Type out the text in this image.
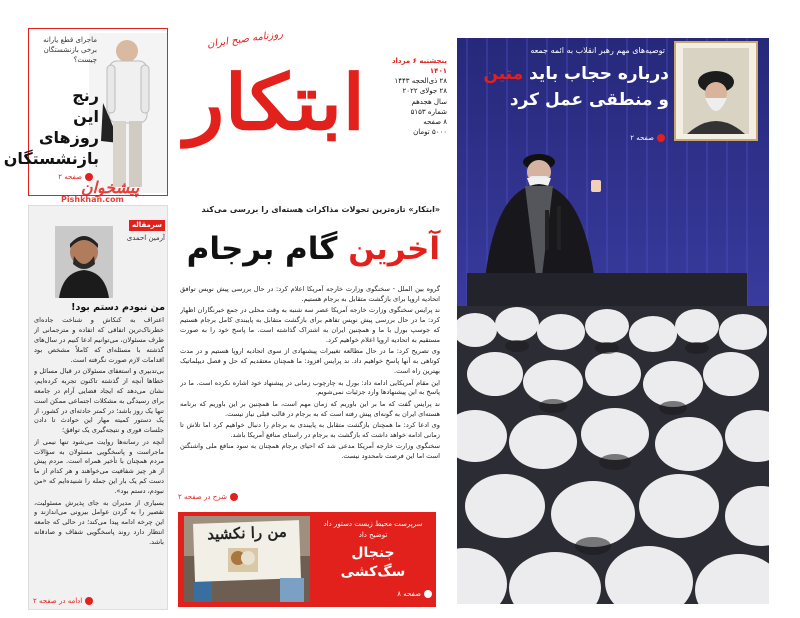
ابتکار
روزنامه صبح ایران
پنجشنبه ۶ مرداد ۱۴۰۱
۲۸ ذی‌الحجه ۱۴۴۳
۲۸ جولای ۲۰۲۲
سال هجدهم
شماره ۵۱۵۳
۸ صفحه
۵۰۰۰ تومان
ماجرای قطع یارانه‌ برخی بازنشستگان چیست؟
رنج
این روزهای
بازنشستگان
صفحه ۲
پیشخوان
Pishkhan.com
سرمقاله
آرمین احمدی
من نبودم دستم بود!

اعتراف به کنکاش و شناخت جاده‌ای خطرناک‌ترین اتفاقی که اتفاده و مترجمانی از طرف مسئولان، می‌توانیم ادعا کنیم در سال‌های گذشته با مسئله‌ای که کاملاً مشخص بود اقدامات لازم صورت نگرفته است.

بی‌تدبیری و استعفای مسئولان در قبال مسائل و خطاها آنچه از گذشته تاکنون تجربه کرده‌ایم، نشان می‌دهد که ایجاد فضایی آرام در جامعه برای رسیدگی به مشکلات اجتماعی ممکن است تنها یک روز باشد؛ در کمتر حادثه‌ای در کشور، از یک دستور کمیته مهار این حوادث تا دادن جلسات فوری و نتیجه‌گیری یک توافق؛

آنچه در رسانه‌ها روایت می‌شود تنها نیمی از ماجراست و پاسخگویی مسئولان به سؤالات مردم همچنان با تأخیر همراه است. مردم پیش از هر چیز شفافیت می‌خواهند و هر کدام از ما دست کم یک بار این جمله را شنیده‌ایم که «من نبودم، دستم بود».

بسیاری از مدیران به جای پذیرش مسئولیت، تقصیر را به گردن عوامل بیرونی می‌اندازند و این چرخه ادامه پیدا می‌کند؛ در حالی که جامعه انتظار دارد روند پاسخگویی شفاف و صادقانه باشد.

ادامه در صفحه ۲
«ابتکار» تازه‌ترین تحولات مذاکرات هسته‌ای را بررسی می‌کند
آخرین گام برجام

گروه بین الملل - سخنگوی وزارت خارجه آمریکا اعلام کرد: در حال بررسی پیش نویس توافق اتحادیه اروپا برای بازگشت متقابل به برجام هستیم.

ند پرایس سخنگوی وزارت خارجه آمریکا عصر سه شنبه به وقت محلی در جمع خبرنگاران اظهار کرد: ما در حال بررسی پیش نویس تفاهم برای بازگشت متقابل به پایبندی کامل برجام هستیم که جوسپ بورل با ما و همچنین ایران به اشتراک گذاشته است. ما پاسخ خود را به صورت مستقیم به اتحادیه اروپا اعلام خواهیم کرد.

وی تصریح کرد: ما در حال مطالعه تغییرات پیشنهادی از سوی اتحادیه اروپا هستیم و در مدت کوتاهی به آنها پاسخ خواهیم داد. ند پرایس افزود: ما همچنان معتقدیم که حل و فصل دیپلماتیک بهترین راه است.

این مقام آمریکایی ادامه داد: بورل به چارچوب زمانی در پیشنهاد خود اشاره نکرده است. ما در پاسخ به این پیشنهادها وارد جزئیات نمی‌شویم.

ند پرایس گفت که ما بر این باوریم که زمان مهم است، ما همچنین بر این باوریم که برنامه هسته‌ای ایران به گونه‌ای پیش رفته است که به برجام در قالب قبلی نیاز نیست.

وی ادعا کرد: ما همچنان بازگشت متقابل به پایبندی به برجام را دنبال خواهیم کرد اما تلاش تا زمانی ادامه خواهد داشت که بازگشت به برجام در راستای منافع آمریکا باشد.

سخنگوی وزارت خارجه آمریکا مدعی شد که احیای برجام همچنان به سود منافع ملی واشنگتن است اما این فرصت نامحدود نیست.

شرح در صفحه ۲
من را نکشید	سرپرست محیط زیست دستور داد
توضیح داد
جنجال
سگ‌کشی
صفحه ۸
توصیه‌های مهم رهبر انقلاب به ائمه جمعه
درباره حجاب باید متین
و منطقی عمل کرد
صفحه ۲
